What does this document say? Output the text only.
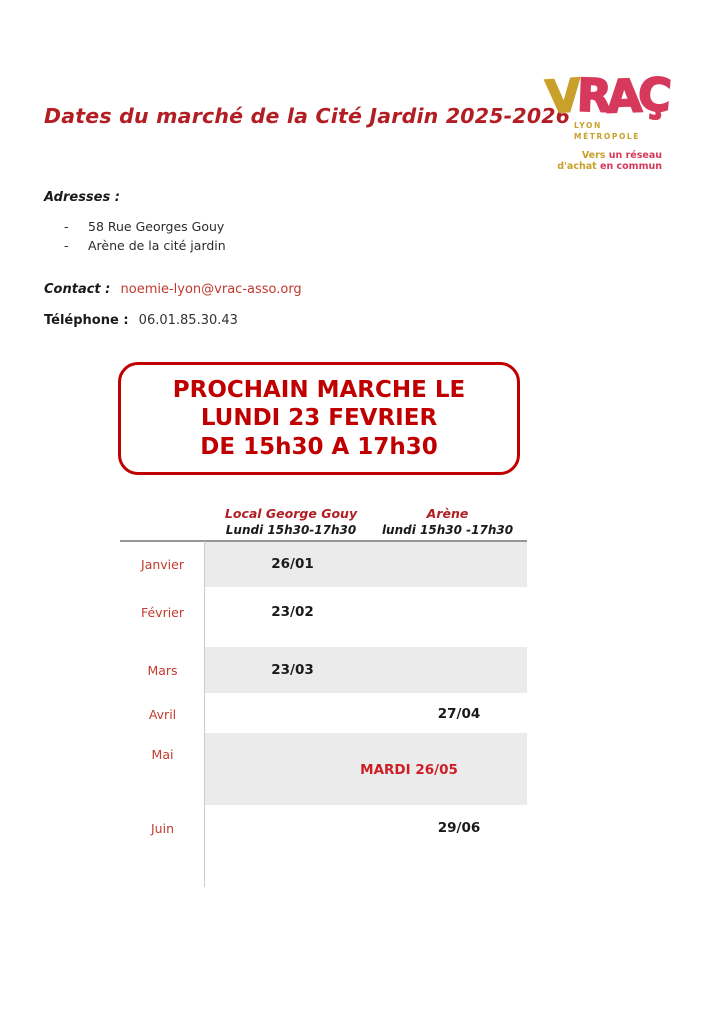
Dates du marché de la Cité Jardin 2025-2026
VRAÇ
LYON
MÉTROPOLE
Vers un réseau
d'achat en commun
Adresses :
-	58 Rue Georges Gouy
-	Arène de la cité jardin
Contact : noemie-lyon@vrac-asso.org
Téléphone : 06.01.85.30.43
PROCHAIN MARCHE LE
LUNDI 23 FEVRIER
DE 15h30 A 17h30
Local George Gouy
Lundi 15h30-17h30
Arène
lundi 15h30 -17h30
Janvier
Février
Mars
Avril
Mai
Juin
26/01
23/02
23/03
27/04
MARDI 26/05
29/06
